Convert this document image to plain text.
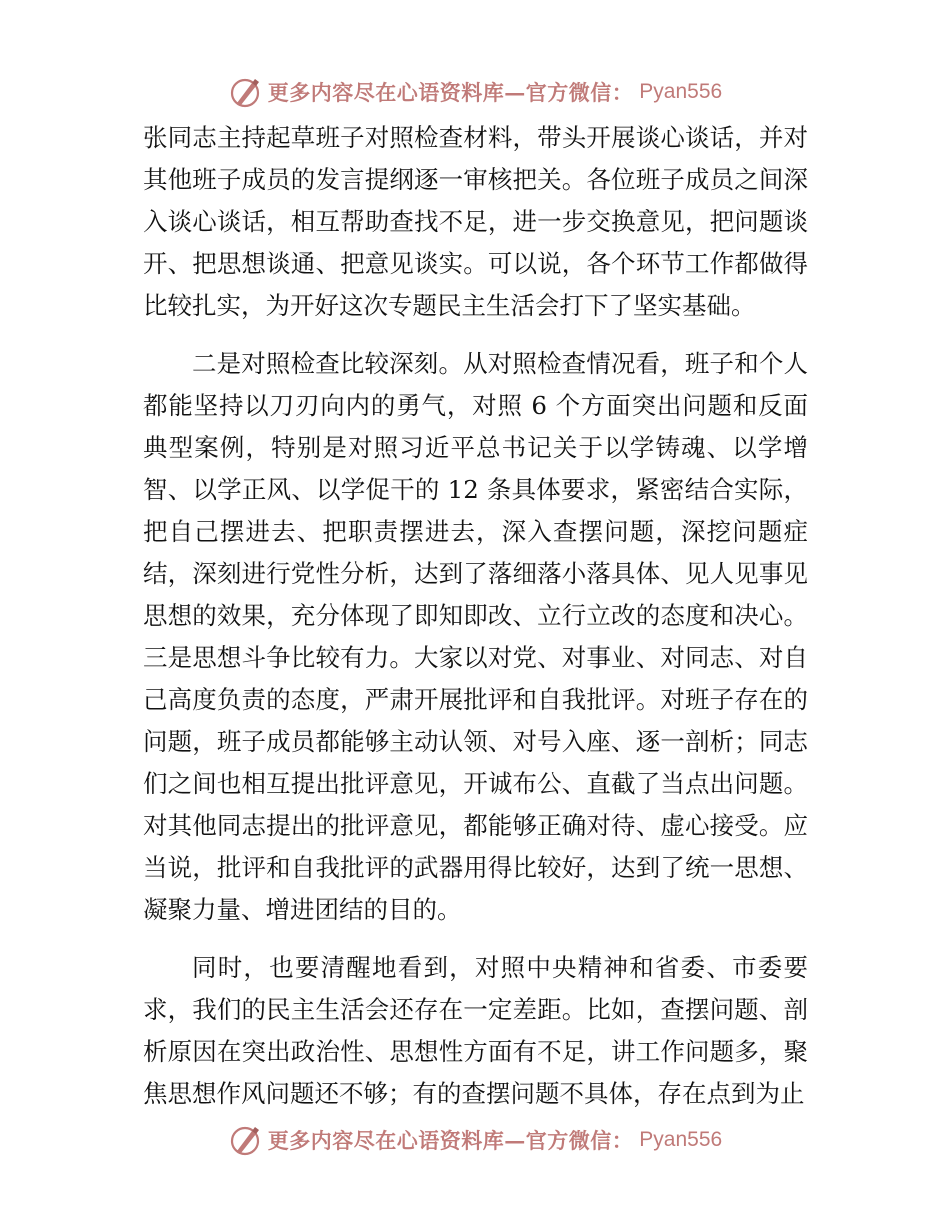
更多内容尽在心语资料库—官方微信： Pyan556

张同志主持起草班子对照检查材料，带头开展谈心谈话，并对其他班子成员的发言提纲逐一审核把关。各位班子成员之间深入谈心谈话，相互帮助查找不足，进一步交换意见，把问题谈开、把思想谈通、把意见谈实。可以说，各个环节工作都做得比较扎实，为开好这次专题民主生活会打下了坚实基础。

二是对照检查比较深刻。从对照检查情况看，班子和个人都能坚持以刀刃向内的勇气，对照 6 个方面突出问题和反面典型案例，特别是对照习近平总书记关于以学铸魂、以学增智、以学正风、以学促干的 12 条具体要求，紧密结合实际，把自己摆进去、把职责摆进去，深入查摆问题，深挖问题症结，深刻进行党性分析，达到了落细落小落具体、见人见事见思想的效果，充分体现了即知即改、立行立改的态度和决心。三是思想斗争比较有力。大家以对党、对事业、对同志、对自己高度负责的态度，严肃开展批评和自我批评。对班子存在的问题，班子成员都能够主动认领、对号入座、逐一剖析；同志们之间也相互提出批评意见，开诚布公、直截了当点出问题。对其他同志提出的批评意见，都能够正确对待、虚心接受。应当说，批评和自我批评的武器用得比较好，达到了统一思想、凝聚力量、增进团结的目的。

同时，也要清醒地看到，对照中央精神和省委、市委要求，我们的民主生活会还存在一定差距。比如，查摆问题、剖析原因在突出政治性、思想性方面有不足，讲工作问题多，聚焦思想作风问题还不够；有的查摆问题不具体，存在点到为止

更多内容尽在心语资料库—官方微信： Pyan556
